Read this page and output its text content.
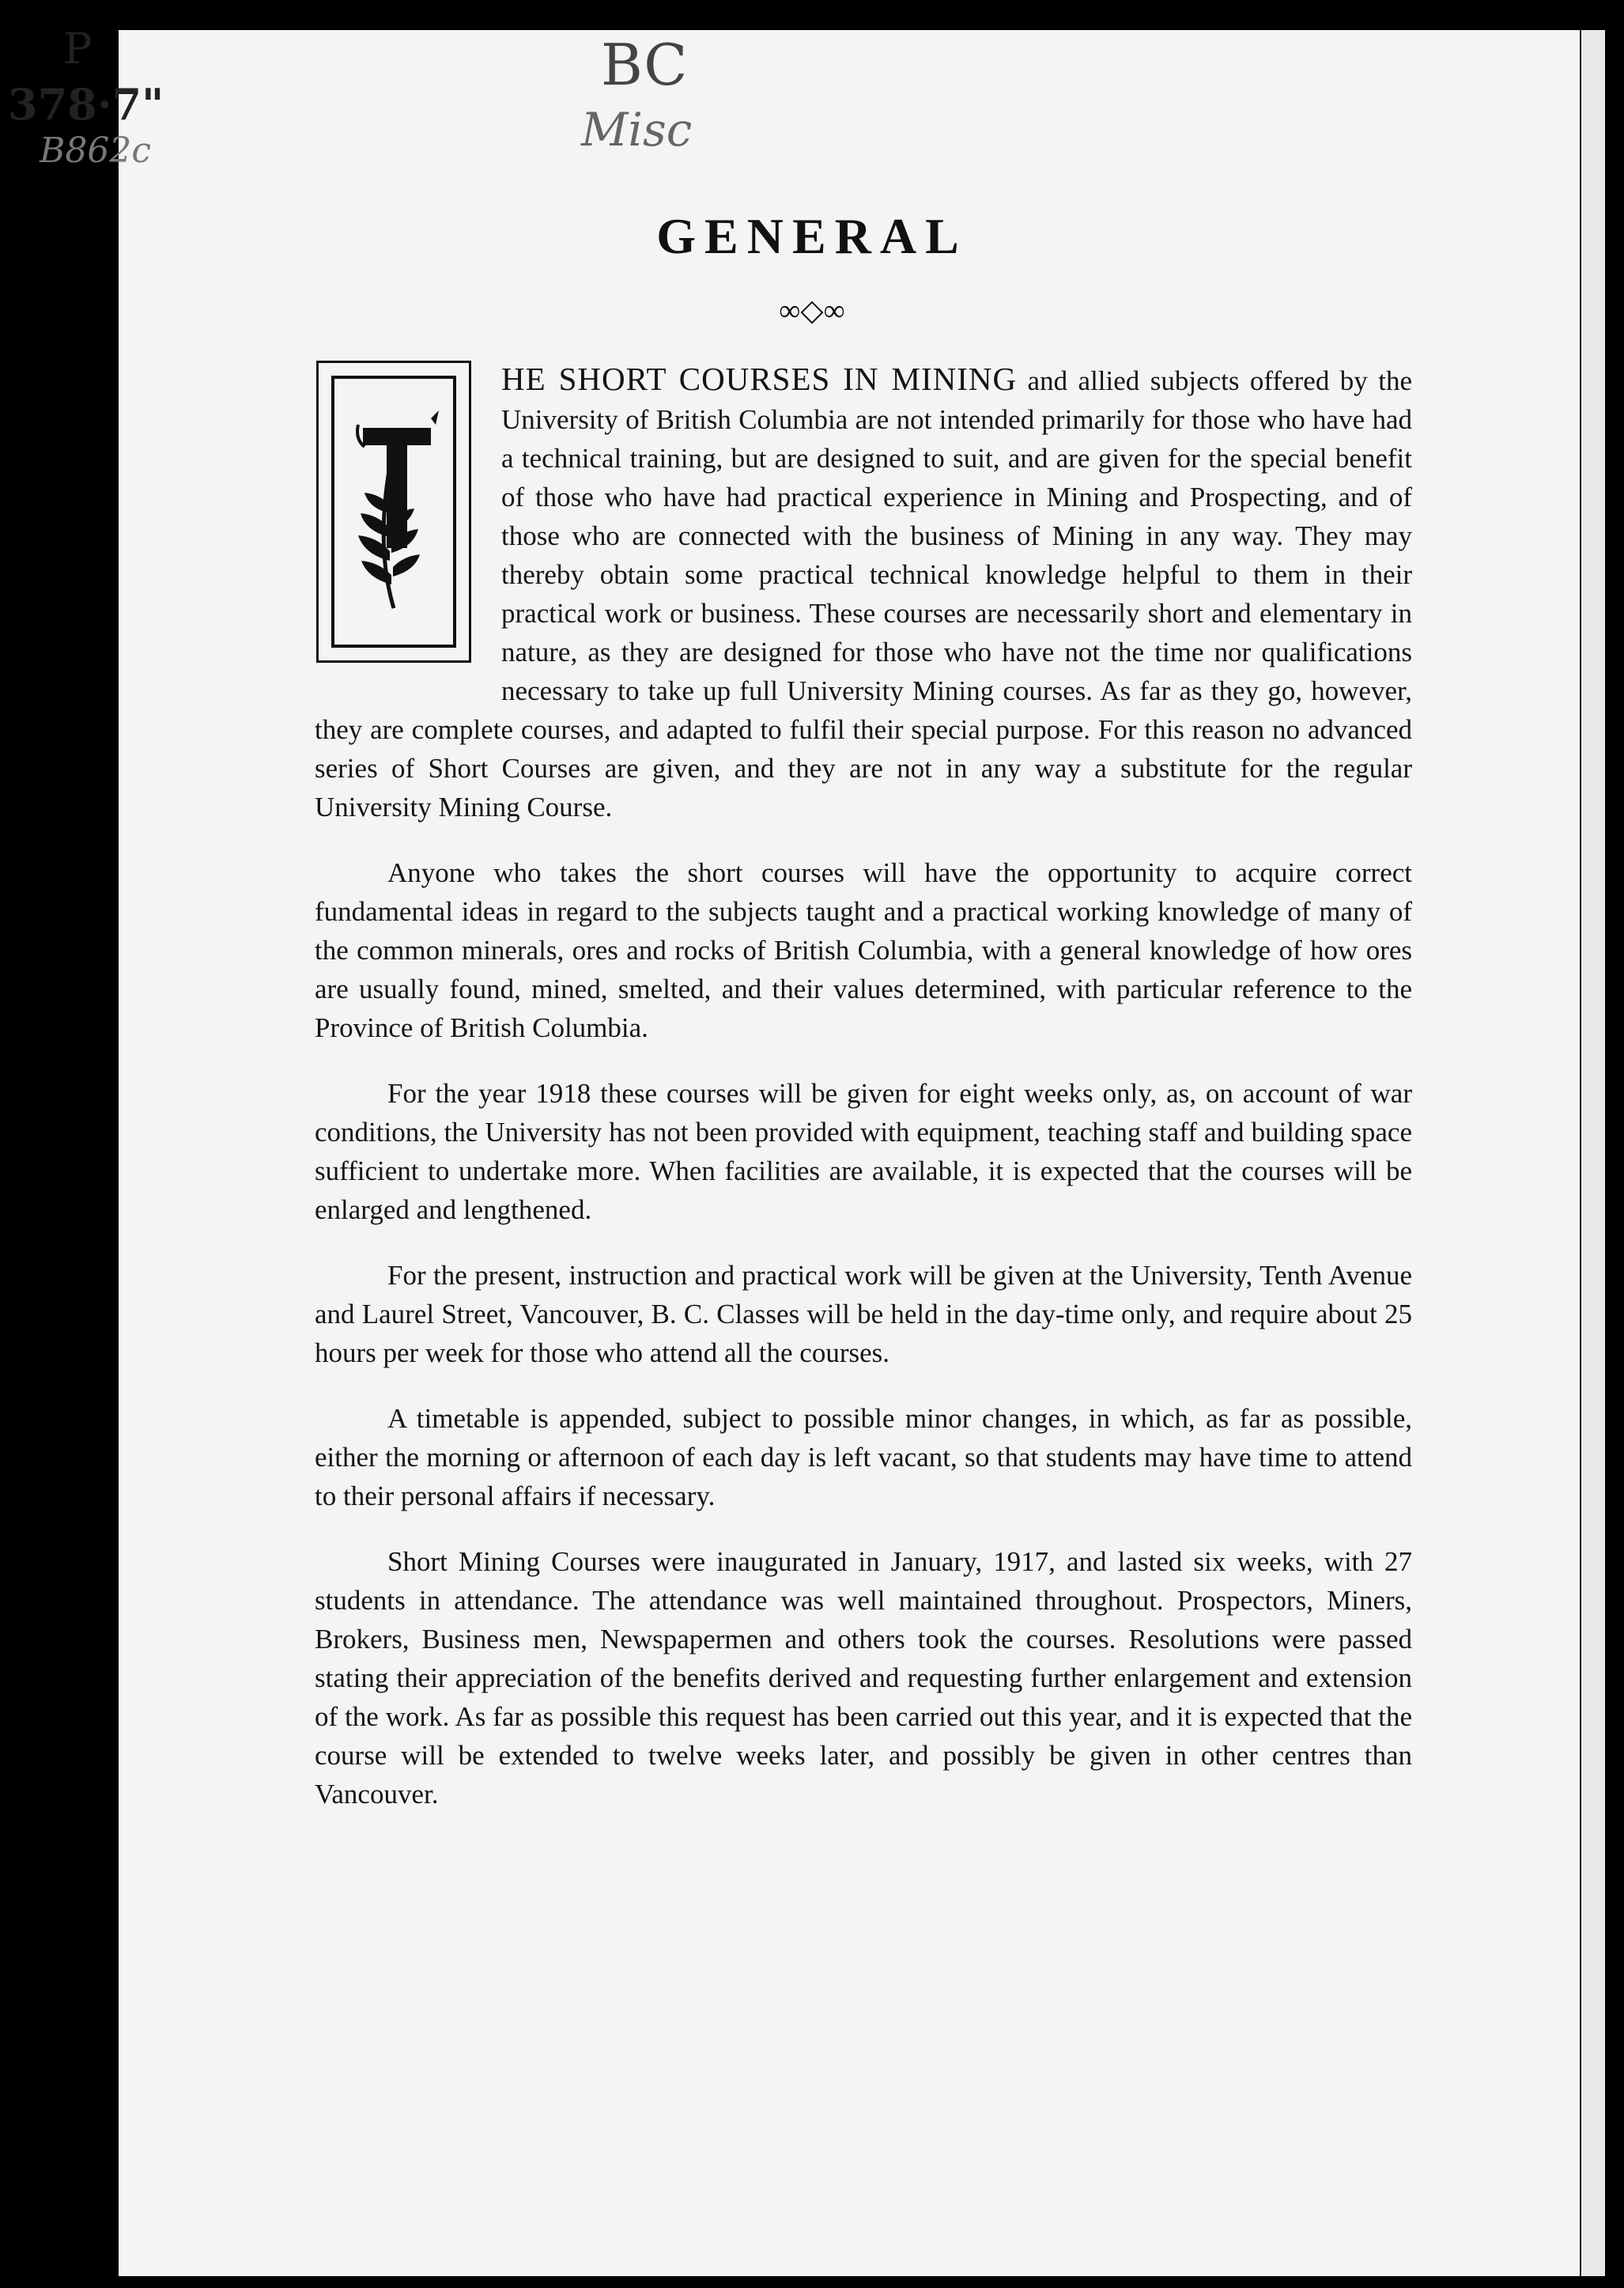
P
378·7"
B862c
BC
Misc
GENERAL
∞◇∞

HE SHORT COURSES IN MINING and allied subjects offered by the University of British Columbia are not intended primarily for those who have had a technical training, but are designed to suit, and are given for the special benefit of those who have had practical experience in Mining and Prospecting, and of those who are connected with the business of Mining in any way. They may thereby obtain some practical technical knowledge helpful to them in their practical work or business. These courses are necessarily short and elementary in nature, as they are designed for those who have not the time nor qualifications necessary to take up full University Mining courses. As far as they go, however, they are complete courses, and adapted to fulfil their special purpose. For this reason no advanced series of Short Courses are given, and they are not in any way a substitute for the regular University Mining Course.

Anyone who takes the short courses will have the opportunity to acquire correct fundamental ideas in regard to the subjects taught and a practical working knowledge of many of the common minerals, ores and rocks of British Columbia, with a general knowledge of how ores are usually found, mined, smelted, and their values determined, with particular reference to the Province of British Columbia.

For the year 1918 these courses will be given for eight weeks only, as, on account of war conditions, the University has not been provided with equipment, teaching staff and building space sufficient to undertake more. When facilities are available, it is expected that the courses will be enlarged and lengthened.

For the present, instruction and practical work will be given at the University, Tenth Avenue and Laurel Street, Vancouver, B. C. Classes will be held in the day-time only, and require about 25 hours per week for those who attend all the courses.

A timetable is appended, subject to possible minor changes, in which, as far as possible, either the morning or afternoon of each day is left vacant, so that students may have time to attend to their personal affairs if necessary.

Short Mining Courses were inaugurated in January, 1917, and lasted six weeks, with 27 students in attendance. The attendance was well maintained throughout. Prospectors, Miners, Brokers, Business men, Newspapermen and others took the courses. Resolutions were passed stating their appreciation of the benefits derived and requesting further enlargement and extension of the work. As far as possible this request has been carried out this year, and it is expected that the course will be extended to twelve weeks later, and possibly be given in other centres than Vancouver.
